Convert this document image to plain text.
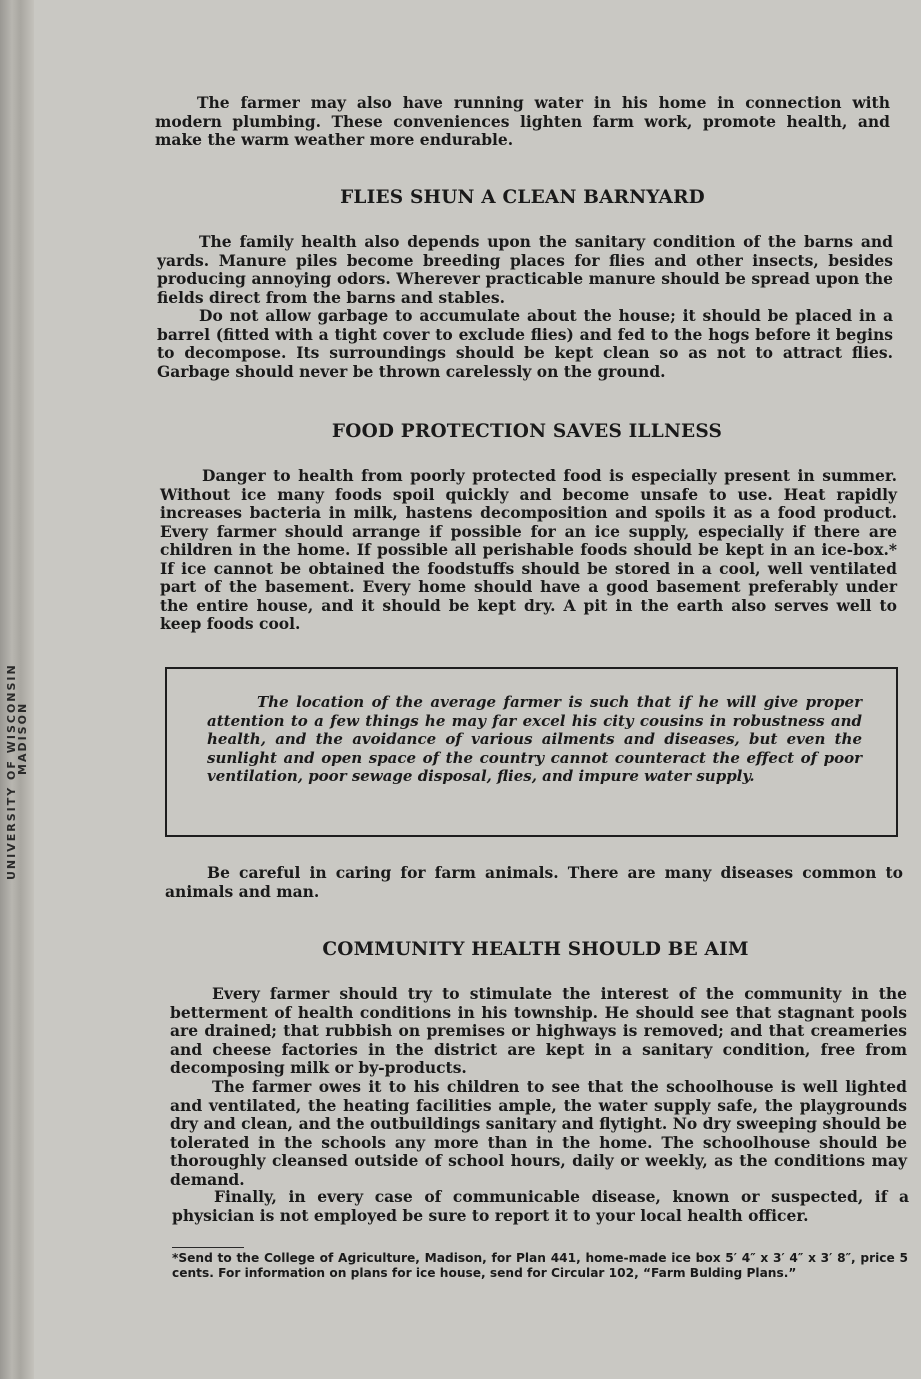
UNIVERSITY OF WISCONSIN
MADISON

The farmer may also have running water in his home in connection with modern plumbing. These conveniences lighten farm work, promote health, and make the warm weather more endurable.

FLIES SHUN A CLEAN BARNYARD

The family health also depends upon the sanitary condition of the barns and yards. Manure piles become breeding places for flies and other insects, besides producing annoying odors. Wherever practicable manure should be spread upon the fields direct from the barns and stables.

Do not allow garbage to accumulate about the house; it should be placed in a barrel (fitted with a tight cover to exclude flies) and fed to the hogs before it begins to decompose. Its surroundings should be kept clean so as not to attract flies. Garbage should never be thrown carelessly on the ground.

FOOD PROTECTION SAVES ILLNESS

Danger to health from poorly protected food is especially present in summer. Without ice many foods spoil quickly and become unsafe to use. Heat rapidly increases bacteria in milk, hastens decomposition and spoils it as a food product. Every farmer should arrange if possible for an ice supply, especially if there are children in the home. If possible all perishable foods should be kept in an ice-box.* If ice cannot be obtained the foodstuffs should be stored in a cool, well ventilated part of the basement. Every home should have a good basement preferably under the entire house, and it should be kept dry. A pit in the earth also serves well to keep foods cool.

The location of the average farmer is such that if he will give proper attention to a few things he may far excel his city cousins in robustness and health, and the avoidance of various ailments and diseases, but even the sunlight and open space of the country cannot counteract the effect of poor ventilation, poor sewage disposal, flies, and impure water supply.

Be careful in caring for farm animals. There are many diseases common to animals and man.

COMMUNITY HEALTH SHOULD BE AIM

Every farmer should try to stimulate the interest of the community in the betterment of health conditions in his township. He should see that stagnant pools are drained; that rubbish on premises or highways is removed; and that creameries and cheese factories in the district are kept in a sanitary condition, free from decomposing milk or by-products.

The farmer owes it to his children to see that the schoolhouse is well lighted and ventilated, the heating facilities ample, the water supply safe, the playgrounds dry and clean, and the outbuildings sanitary and flytight. No dry sweeping should be tolerated in the schools any more than in the home. The schoolhouse should be thoroughly cleansed outside of school hours, daily or weekly, as the conditions may demand.

Finally, in every case of communicable disease, known or suspected, if a physician is not employed be sure to report it to your local health officer.

*Send to the College of Agriculture, Madison, for Plan 441, home-made ice box 5′ 4″ x 3′ 4″ x 3′ 8″, price 5 cents. For information on plans for ice house, send for Circular 102, “Farm Bulding Plans.”
